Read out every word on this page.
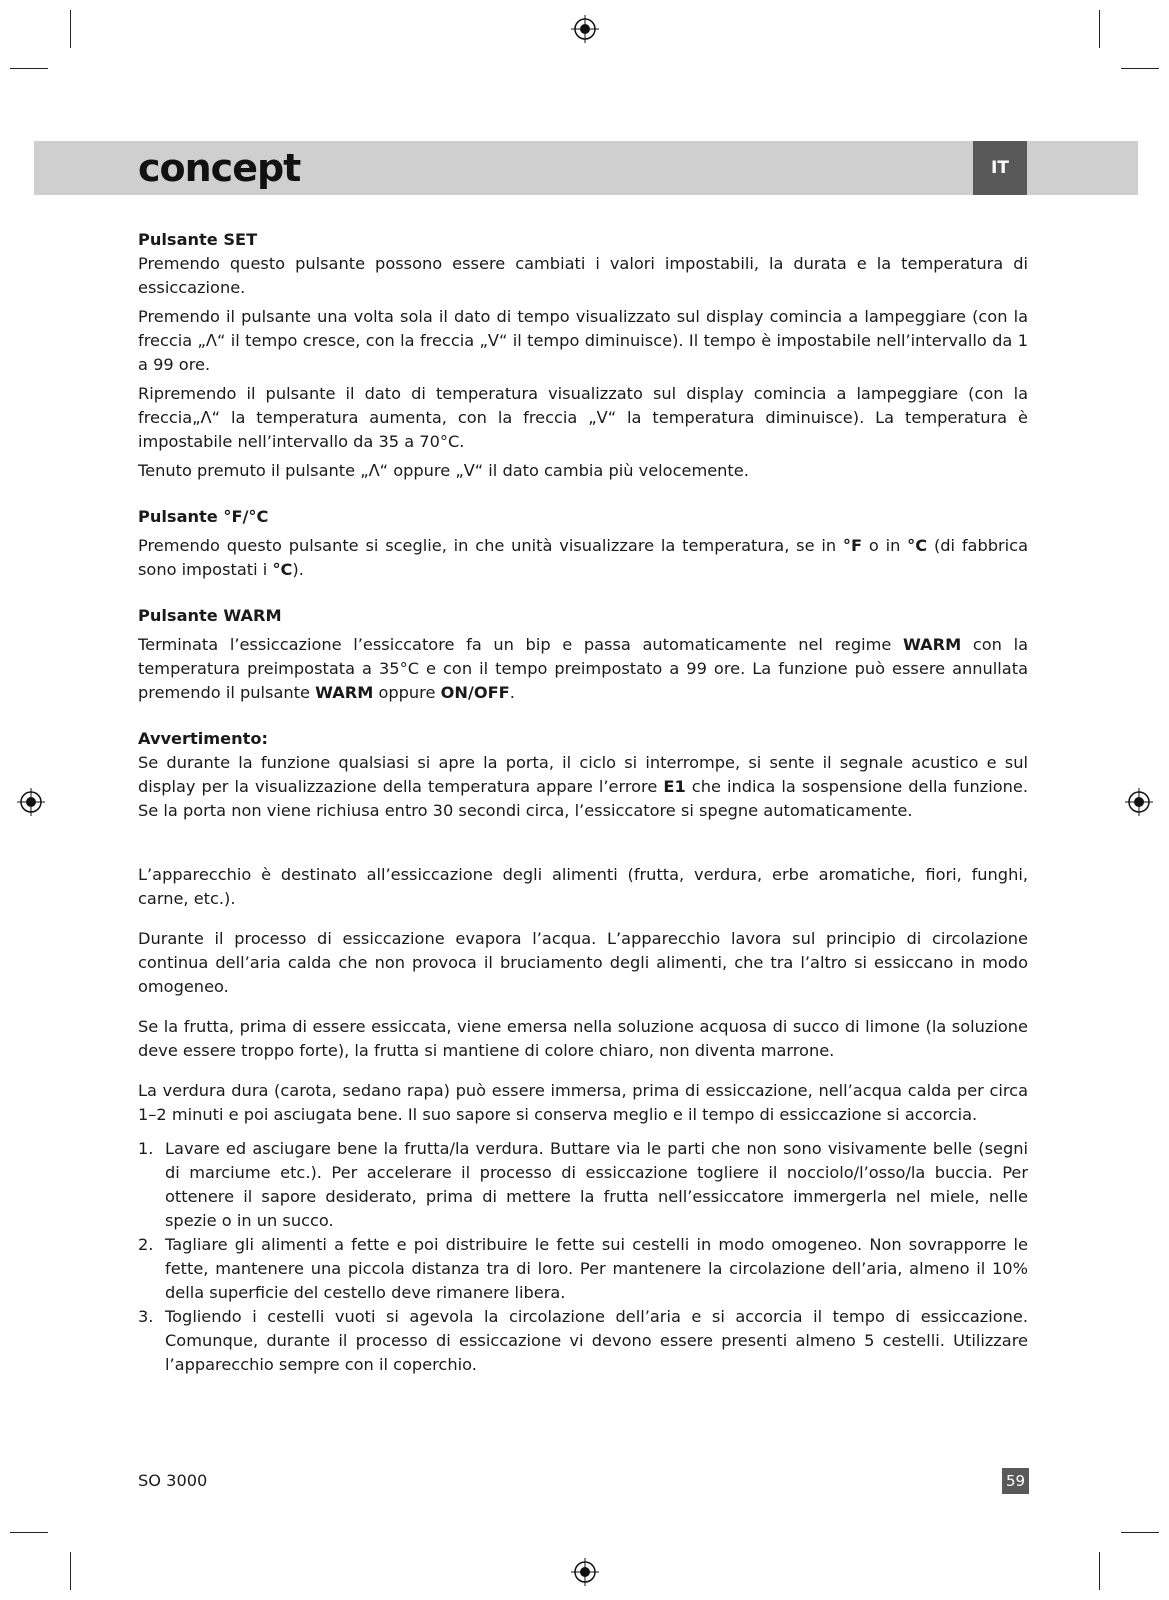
concept	IT
Pulsante SET

Premendo questo pulsante possono essere cambiati i valori impostabili, la durata e la temperatura di essiccazione.

Premendo il pulsante una volta sola il dato di tempo visualizzato sul display comincia a lampeggiare (con la freccia „ᐱ“ il tempo cresce, con la freccia „ᐯ“ il tempo diminuisce). Il tempo è impostabile nell’intervallo da 1 a 99 ore.

Ripremendo il pulsante il dato di temperatura visualizzato sul display comincia a lampeggiare (con la freccia„ᐱ“ la temperatura aumenta, con la freccia „ᐯ“ la temperatura diminuisce). La temperatura è impostabile nell’intervallo da 35 a 70°C.

Tenuto premuto il pulsante „ᐱ“ oppure „ᐯ“ il dato cambia più velocemente.

Pulsante °F/°C

Premendo questo pulsante si sceglie, in che unità visualizzare la temperatura, se in °F o in °C (di fabbrica sono impostati i °C).

Pulsante WARM

Terminata l’essiccazione l’essiccatore fa un bip e passa automaticamente nel regime WARM con la temperatura preimpostata a 35°C e con il tempo preimpostato a 99 ore. La funzione può essere annullata premendo il pulsante WARM oppure ON/OFF.

Avvertimento:

Se durante la funzione qualsiasi si apre la porta, il ciclo si interrompe, si sente il segnale acustico e sul display per la visualizzazione della temperatura appare l’errore E1 che indica la sospensione della funzione. Se la porta non viene richiusa entro 30 secondi circa, l’essiccatore si spegne automaticamente.

L’apparecchio è destinato all’essiccazione degli alimenti (frutta, verdura, erbe aromatiche, fiori, funghi, carne, etc.).

Durante il processo di essiccazione evapora l’acqua. L’apparecchio lavora sul principio di circolazione continua dell’aria calda che non provoca il bruciamento degli alimenti, che tra l’altro si essiccano in modo omogeneo.

Se la frutta, prima di essere essiccata, viene emersa nella soluzione acquosa di succo di limone (la soluzione deve essere troppo forte), la frutta si mantiene di colore chiaro, non diventa marrone.

La verdura dura (carota, sedano rapa) può essere immersa, prima di essiccazione, nell’acqua calda per circa 1–2 minuti e poi asciugata bene. Il suo sapore si conserva meglio e il tempo di essiccazione si accorcia.

1. Lavare ed asciugare bene la frutta/la verdura. Buttare via le parti che non sono visivamente belle (segni di marciume etc.). Per accelerare il processo di essiccazione togliere il nocciolo/l’osso/la buccia. Per ottenere il sapore desiderato, prima di mettere la frutta nell’essiccatore immergerla nel miele, nelle spezie o in un succo.
2. Tagliare gli alimenti a fette e poi distribuire le fette sui cestelli in modo omogeneo. Non sovrapporre le fette, mantenere una piccola distanza tra di loro. Per mantenere la circolazione dell’aria, almeno il 10% della superficie del cestello deve rimanere libera.
3. Togliendo i cestelli vuoti si agevola la circolazione dell’aria e si accorcia il tempo di essiccazione. Comunque, durante il processo di essiccazione vi devono essere presenti almeno 5 cestelli. Utilizzare l’apparecchio sempre con il coperchio.
SO 3000	59
